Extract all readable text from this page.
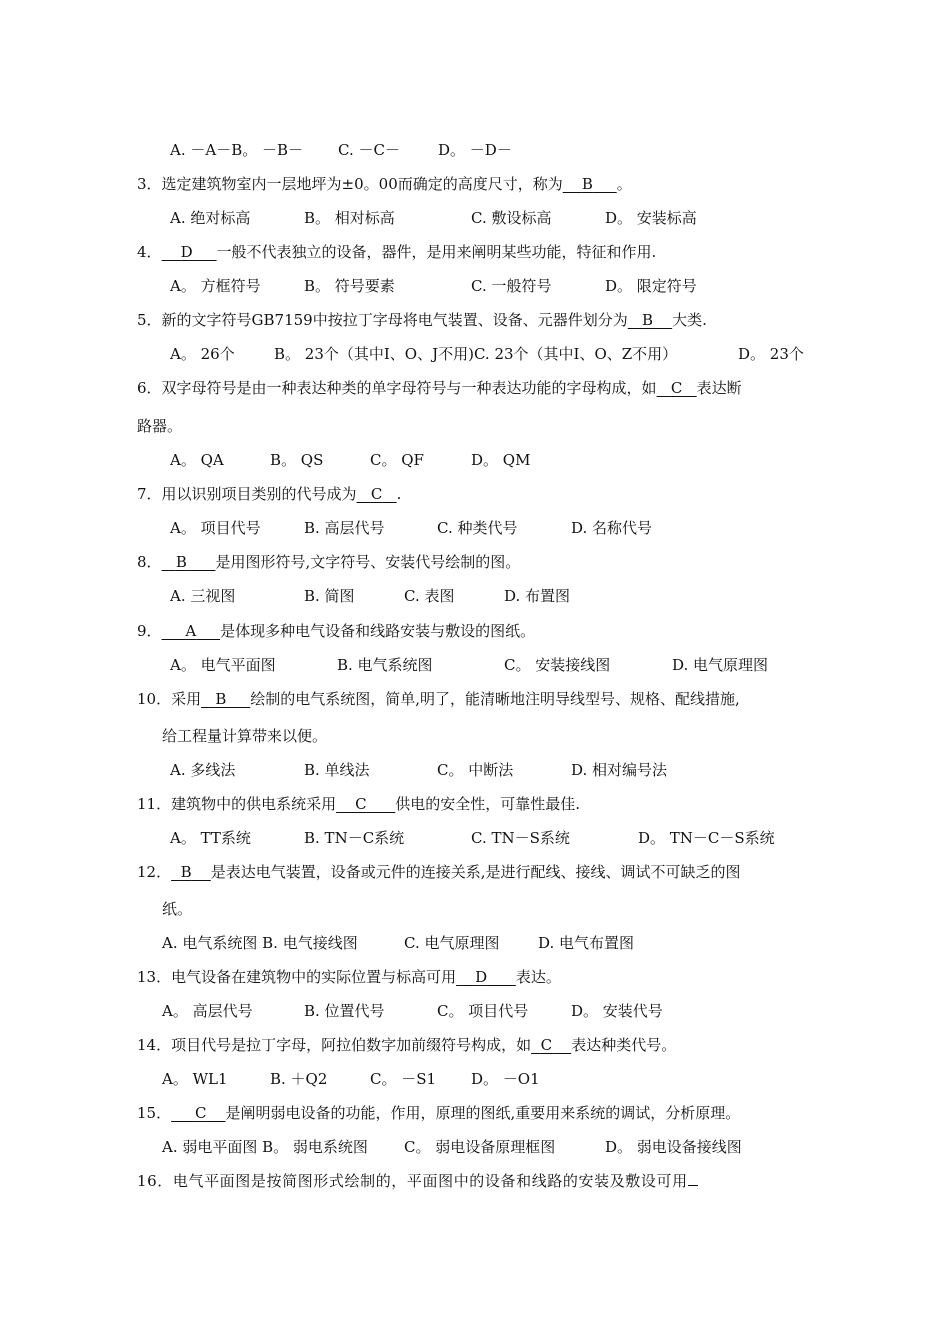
A. －A－B。 －B－ C. －C－	D。 －D－
3．选定建筑物室内一层地坪为±0。00而确定的高度尺寸，称为 B 。
A. 绝对标高	B。 相对标高	C. 敷设标高	D。 安装标高
4． D 一般不代表独立的设备，器件，是用来阐明某些功能，特征和作用.
A。 方框符号	B。 符号要素	C. 一般符号	D。 限定符号
5．新的文字符号GB7159中按拉丁字母将电气装置、设备、元器件划分为 B 大类.
A。 26个	B。 23个（其中I、O、J不用)C. 23个（其中I、O、Z不用）	D。 23个
6．双字母符号是由一种表达种类的单字母符号与一种表达功能的字母构成，如 C 表达断
路器。
A。 QA	B。 QS	C。 QF	D。 QM
7．用以识别项目类别的代号成为 C .
A。 项目代号	B. 高层代号	C. 种类代号	D. 名称代号
8． B 是用图形符号,文字符号、安装代号绘制的图。
A. 三视图	B. 简图	C. 表图	D. 布置图
9． A 是体现多种电气设备和线路安装与敷设的图纸。
A。 电气平面图	B. 电气系统图	C。 安装接线图	D. 电气原理图
10．采用 B 绘制的电气系统图，简单,明了，能清晰地注明导线型号、规格、配线措施,
给工程量计算带来以便。
A. 多线法	B. 单线法	C。 中断法	D. 相对编号法
11．建筑物中的供电系统采用 C 供电的安全性，可靠性最佳.
A。 TT系统	B. TN－C系统	C. TN－S系统	D。 TN－C－S系统
12． B 是表达电气装置，设备或元件的连接关系,是进行配线、接线、调试不可缺乏的图
纸。
A. 电气系统图 B. 电气接线图	C. 电气原理图	D. 电气布置图
13．电气设备在建筑物中的实际位置与标高可用 D 表达。
A。 高层代号	B. 位置代号	C。 项目代号	D。 安装代号
14．项目代号是拉丁字母，阿拉伯数字加前缀符号构成，如 C 表达种类代号。
A。 WL1	B. ＋Q2	C。 －S1 D。 －O1
15． C 是阐明弱电设备的功能，作用，原理的图纸,重要用来系统的调试，分析原理。
A. 弱电平面图 B。 弱电系统图 C。 弱电设备原理框图	D。 弱电设备接线图
16．电气平面图是按简图形式绘制的，平面图中的设备和线路的安装及敷设可用
